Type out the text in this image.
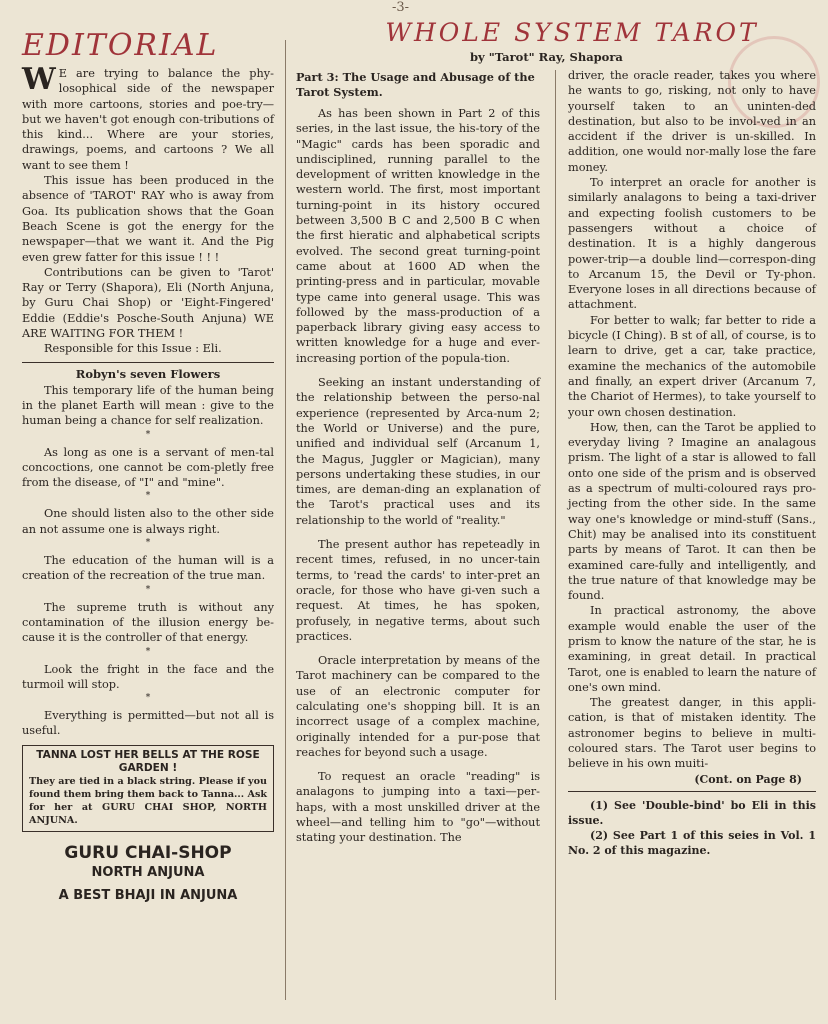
-3-
WHOLE SYSTEM TAROT
by "Tarot" Ray, Shapora
EDITORIAL

W E are trying to balance the phy-losophical side of the newspaper with more cartoons, stories and poe-try—but we haven't got enough con-tributions of this kind... Where are your stories, drawings, poems, and cartoons ? We all want to see them !

This issue has been produced in the absence of 'TAROT' RAY who is away from Goa. Its publication shows that the Goan Beach Scene is got the energy for the newspaper—that we want it. And the Pig even grew fatter for this issue ! ! !

Contributions can be given to 'Tarot' Ray or Terry (Shapora), Eli (North Anjuna, by Guru Chai Shop) or 'Eight-Fingered' Eddie (Eddie's Posche-South Anjuna) WE ARE WAITING FOR THEM !

Responsible for this Issue : Eli.

Robyn's seven Flowers

This temporary life of the human being in the planet Earth will mean : give to the human being a chance for self realization.

*

As long as one is a servant of men-tal concoctions, one cannot be com-pletly free from the disease, of "I" and "mine".

*

One should listen also to the other side an not assume one is always right.

*

The education of the human will is a creation of the recreation of the true man.

*

The supreme truth is without any contamination of the illusion energy be-cause it is the controller of that energy.

*

Look the fright in the face and the turmoil will stop.

*

Everything is permitted—but not all is useful.

TANNA LOST HER BELLS AT THE ROSE GARDEN !
They are tied in a black string. Please if you found them bring them back to Tanna... Ask for her at GURU CHAI SHOP, NORTH ANJUNA.
GURU CHAI-SHOP
NORTH ANJUNA
A BEST BHAJI IN ANJUNA
Part 3: The Usage and Abusage of the Tarot System.

As has been shown in Part 2 of this series, in the last issue, the his-tory of the "Magic" cards has been sporadic and undisciplined, running parallel to the development of written knowledge in the western world. The first, most important turning-point in its history occured between 3,500 B C and 2,500 B C when the first hieratic and alphabetical scripts evolved. The second great turning-point came about at 1600 AD when the printing-press and in particular, movable type came into general usage. This was followed by the mass-production of a paperback library giving easy access to written knowledge for a huge and ever-increasing portion of the popula-tion.

Seeking an instant understanding of the relationship between the perso-nal experience (represented by Arca-num 2; the World or Universe) and the pure, unified and individual self (Arcanum 1, the Magus, Juggler or Magician), many persons undertaking these studies, in our times, are deman-ding an explanation of the Tarot's practical uses and its relationship to the world of "reality."

The present author has repeteadly in recent times, refused, in no uncer-tain terms, to 'read the cards' to inter-pret an oracle, for those who have gi-ven such a request. At times, he has spoken, profusely, in negative terms, about such practices.

Oracle interpretation by means of the Tarot machinery can be compared to the use of an electronic computer for calculating one's shopping bill. It is an incorrect usage of a complex machine, originally intended for a pur-pose that reaches for beyond such a usage.

To request an oracle "reading" is analagons to jumping into a taxi—per-haps, with a most unskilled driver at the wheel—and telling him to "go"—without stating your destination. The

driver, the oracle reader, takes you where he wants to go, risking, not only to have yourself taken to an uninten-ded destination, but also to be invol-ved in an accident if the driver is un-skilled. In addition, one would nor-mally lose the fare money.

To interpret an oracle for another is similarly analagons to being a taxi-driver and expecting foolish customers to be passengers without a choice of destination. It is a highly dangerous power-trip—a double lind—correspon-ding to Arcanum 15, the Devil or Ty-phon. Everyone loses in all directions because of attachment.

For better to walk; far better to ride a bicycle (I Ching). B st of all, of course, is to learn to drive, get a car, take practice, examine the mechanics of the automobile and finally, an expert driver (Arcanum 7, the Chariot of Hermes), to take yourself to your own chosen destination.

How, then, can the Tarot be applied to everyday living ? Imagine an analagous prism. The light of a star is allowed to fall onto one side of the prism and is observed as a spectrum of multi-coloured rays pro-jecting from the other side. In the same way one's knowledge or mind-stuff (Sans., Chit) may be analised into its constituent parts by means of Tarot. It can then be examined care-fully and intelligently, and the true nature of that knowledge may be found.

In practical astronomy, the above example would enable the user of the prism to know the nature of the star, he is examining, in great detail. In practical Tarot, one is enabled to learn the nature of one's own mind.

The greatest danger, in this appli-cation, is that of mistaken identity. The astronomer begins to believe in multi-coloured stars. The Tarot user begins to believe in his own muiti-

(Cont. on Page 8)

(1) See 'Double-bind' bo Eli in this issue.

(2) See Part 1 of this seies in Vol. 1 No. 2 of this magazine.
